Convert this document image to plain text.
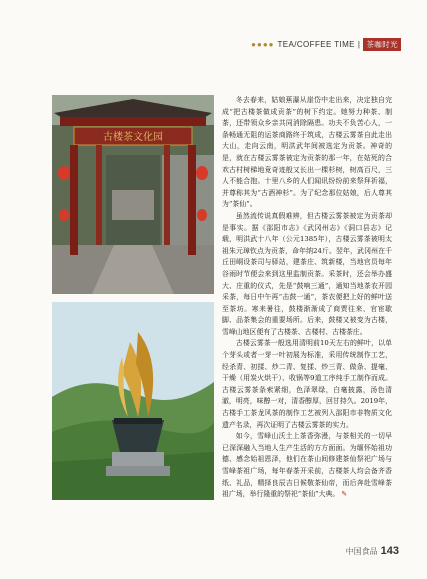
●●●● TEA/COFFEE TIME | 茶咖时光
古楼茶文化园

冬去春来，姑娘蕉瀑从崖岱中走出来，决定独自完成“把古楼茶做成贡茶”的树下约定。她努力种茶、制茶，还带领众乡亲共同消除隔患。功夫不负苦心人，一条畅通无阻的运茶商路终于筑成，古楼云雾茶自此走出大山，走向云南，明洪武年间被选定为贡茶。神奇的是，就在古楼云雾茶被定为贡茶的那一年，在姑死的合欢古村树梯地竟奇迹般又长出一棵杉树，树高百尺，三人不能合抱。十里八乡的人们闻讯纷纷前来祭拜祈福，并尊称其为“古酒神杉”。为了纪念那位姑娘，后人尊其为“茶仙”。

虽然流传说真假难辨，但古楼云雾茶被定为贡茶却是事实。据《邵阳市志》《武冈州志》《洞口县志》记载，明洪武十八年（公元1385年），古楼云雾茶被明太祖朱元璋钦点为贡茶，命年纳24斤。翌年，武冈州在千丘田峒设茶司与驿站，建茶庄、筑新楼，当地官员每年谷雨时节便会来到这里监制贡茶。采茶时，还会举办盛大、庄重的仪式，先是“鼓响三通”，通知当地茶农开园采茶，每日中午再“击鼓一通”，茶农便把上好的鲜叶送至茶坊。寒来暑往，鼓楼渐渐成了商贾往来、官宦歇脚、品茶集会的重要场所。后来，鼓楼又被变为古楼，雪峰山地区便有了古楼茶、古楼村、古楼茶庄。

古楼云雾茶一般选用清明前10天左右的鲜叶，以单个芽头或者一芽一叶初展为标准，采用传统制作工艺，经杀青、初揉、炒二青、复揉、炒三青、做条、提毫、干燥（用炭火烘干）、收锅等9道工序纯手工制作而成。古楼云雾茶条索紧细，色泽翠绿，白毫披露，汤色清澈，明亮，味醇一对，清香醇厚，回甘持久。2019年，古楼手工茶龙风茶的制作工艺被列入邵阳市非物质文化遗产名录，再次证明了古楼云雾茶的实力。

如今，雪峰山沃土上茶香弥漫，与茶相关的一切早已深深融入当地人生产生活的方方面面。为缅怀始祖功德、感念始祖恩泽，他们在茶山间修建茶仙祭祀广场与雪峰茶祖广场，每年春茶开采前，古楼茶人均会备齐香纸、礼品，精择良辰吉日候敬茶仙帝，而后奔赴雪峰茶祖广场，举行隆重的祭祀“茶仙”大典。 ✎

中国食品 143
